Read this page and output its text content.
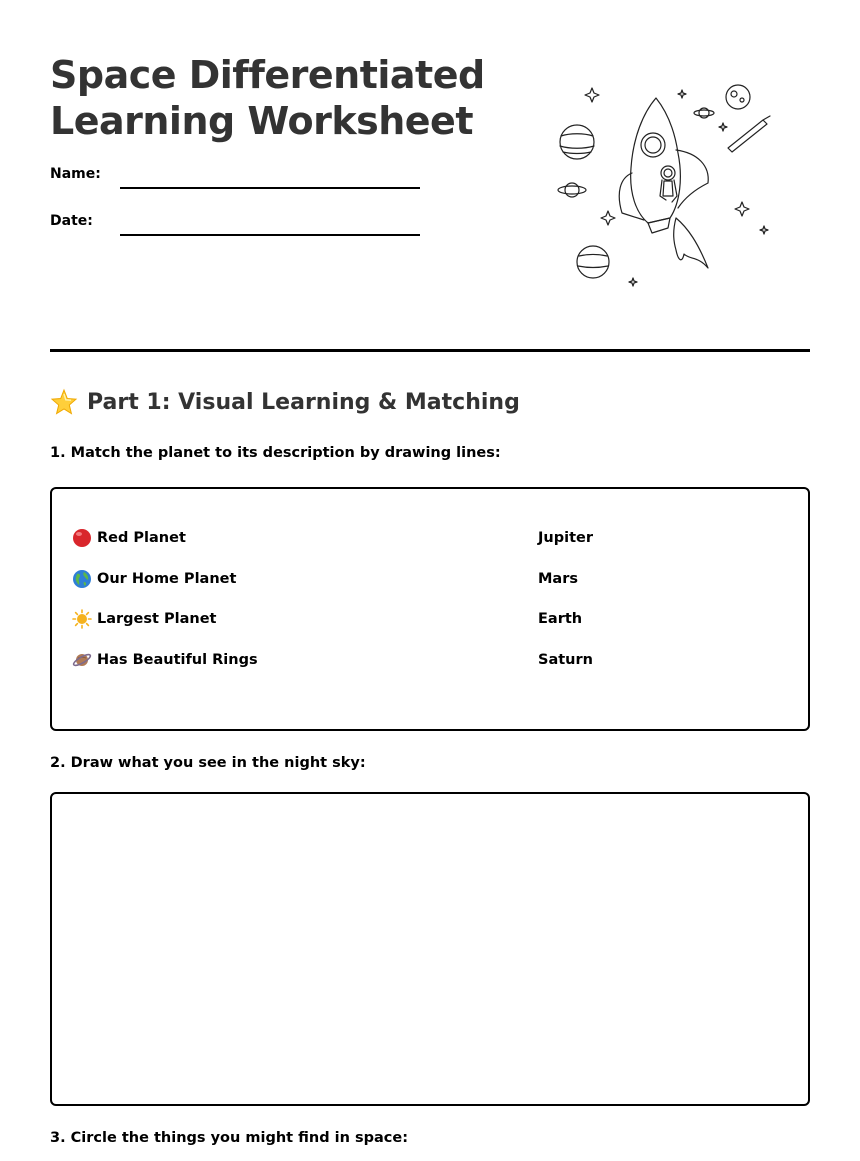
Space Differentiated
Learning Worksheet
Name:
Date:
Part 1: Visual Learning & Matching
1. Match the planet to its description by drawing lines:
Red Planet	Jupiter
Our Home Planet	Mars
Largest Planet	Earth
Has Beautiful Rings	Saturn
2. Draw what you see in the night sky:
3. Circle the things you might find in space:
